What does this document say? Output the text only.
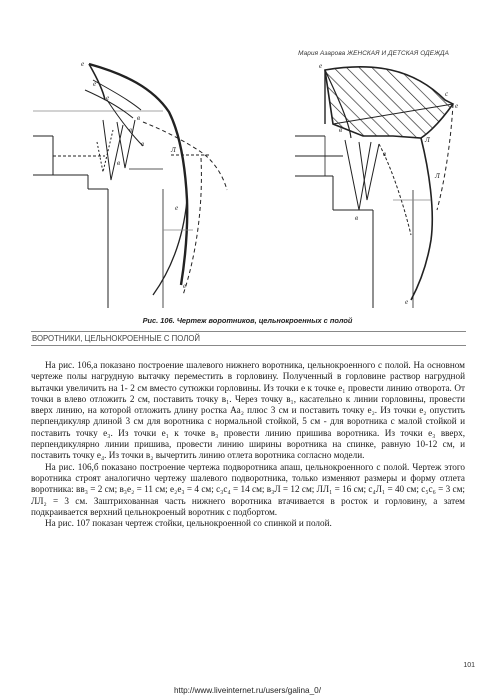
Мария Азарова ЖЕНСКАЯ И ДЕТСКАЯ ОДЕЖДА
e
e
e
в
в
в
в
Л
e
e
e
e
с
в
в
в
Л
Л
e
Рис. 106. Чертеж воротников, цельнокроенных с полой
ВОРОТНИКИ, ЦЕЛЬНОКРОЕННЫЕ С ПОЛОЙ

На рис. 106,а показано построение шалевого нижнего воротника, цельнокроенного с полой. На основном чертеже полы нагрудную вытачку переместить в горловину. Полученный в горловине раствор нагрудной вытачки увеличить на 1- 2 см вместо сутюжки горловины. Из точки е к точке е₁ провести линию отворота. От точки в влево отложить 2 см, поставить точку в₁. Через точку в₁, касательно к линии горловины, провести вверх линию, на которой отложить длину ростка Аа₂ плюс 3 см и поставить точку е₂. Из точки е₂ опустить перпендикуляр длиной 3 см для воротника с нормальной стойкой, 5 см - для воротника с малой стойкой и поставить точку е₃. Из точки е₁ к точке в₃ провести линию пришива воротника. Из точки е₃ вверх, перпендикулярно линии пришива, провести линию ширины воротника на спинке, равную 10-12 см, и поставить точку е₄. Из точки в₂ вычертить линию отлета воротника согласно модели.

На рис. 106,б показано построение чертежа подворотника апаш, цельнокроенного с полой. Чертеж этого воротника строят аналогично чертежу шалевого подворотника, только изменяют размеры и форму отлета воротника: вв₃ = 2 см; в₃е₂ = 11 см; е₂е₃ = 4 см; с₃с₄ = 14 см; в₃Л = 12 см; ЛЛ₁ = 16 см; с₄Л₁ = 40 см; с₅с₆ = 3 см; ЛЛ₂ = 3 см. Заштрихованная часть нижнего воротника втачивается в росток и горловину, а затем подкраивается верхний цельнокроеный воротник с подбортом.

На рис. 107 показан чертеж стойки, цельнокроенной со спинкой и полой.

101
http://www.liveinternet.ru/users/galina_0/
